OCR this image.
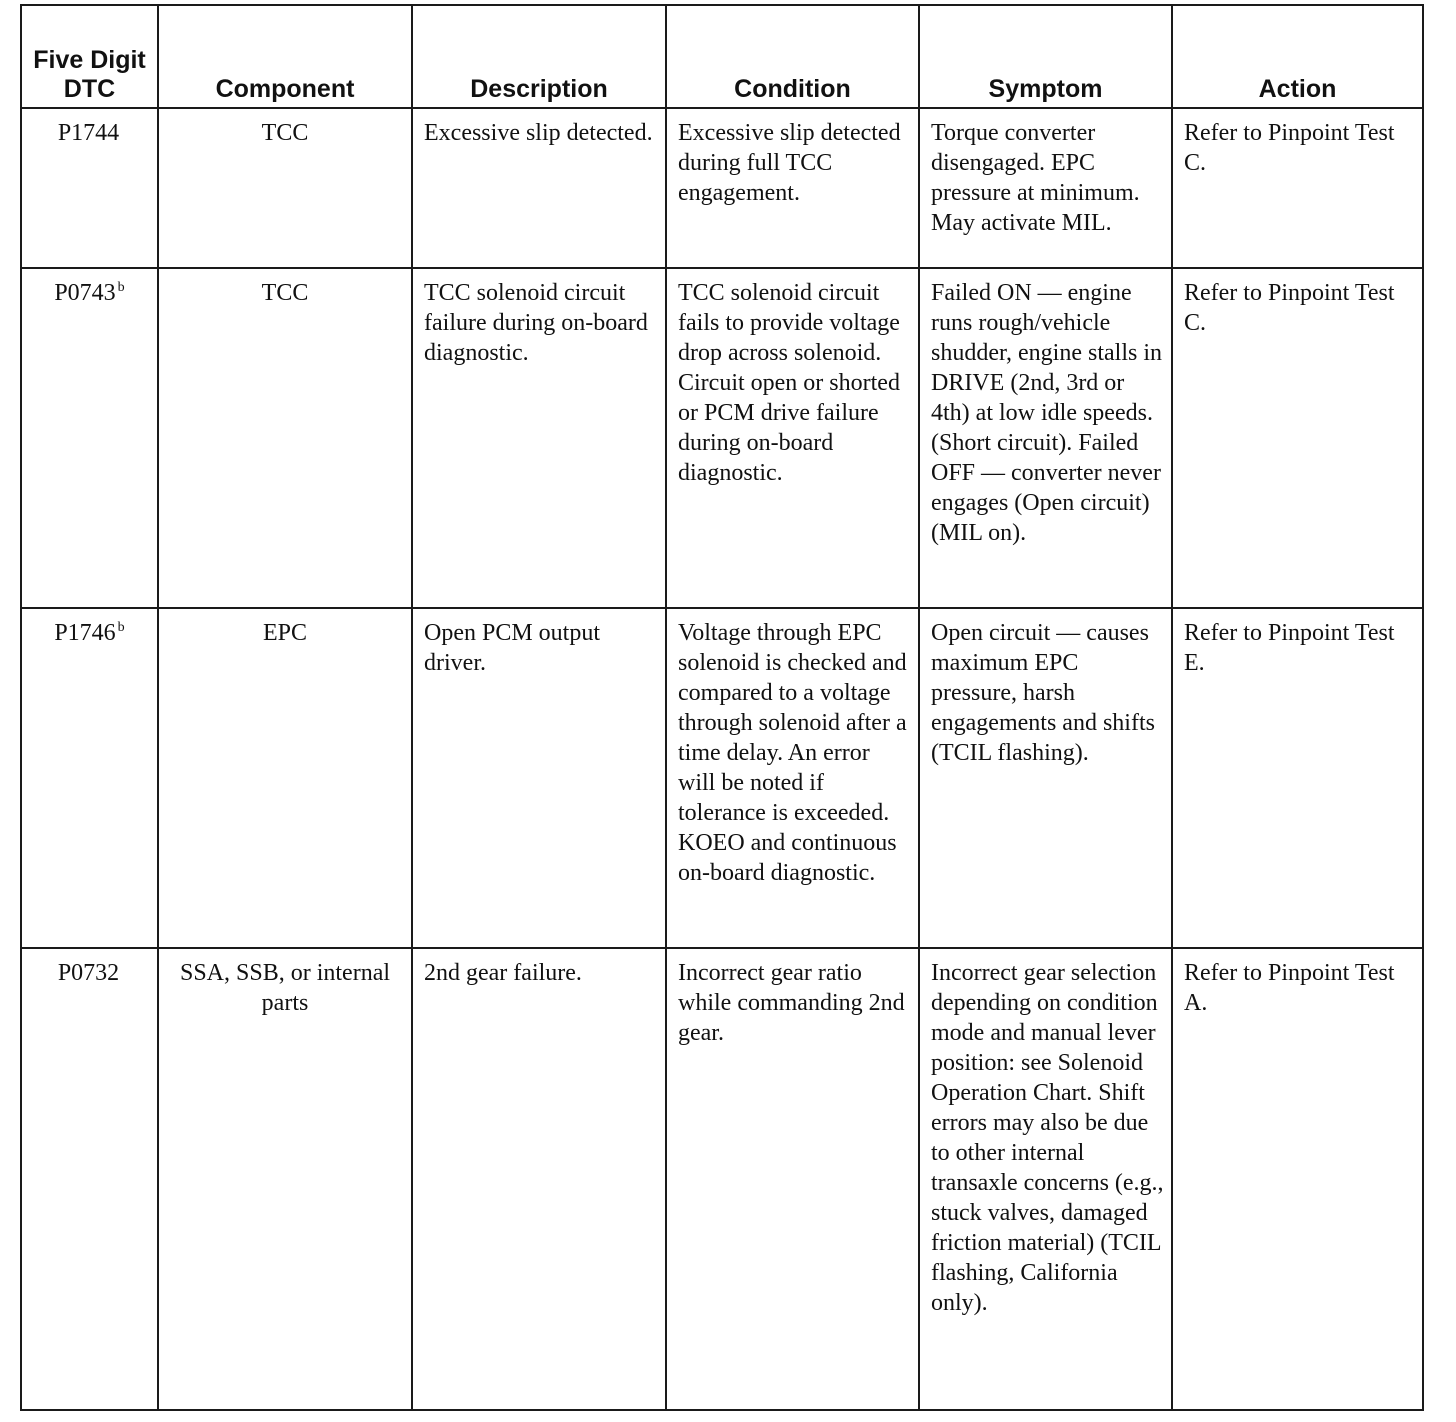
Five Digit DTC	Component	Description	Condition	Symptom	Action
P1744	TCC	Excessive slip detected.	Excessive slip detected during full TCC engagement.	Torque converter disengaged. EPC pressure at minimum. May activate MIL.	Refer to Pinpoint Test C.
P0743 $^b$	TCC	TCC solenoid circuit failure during on-board diagnostic.	TCC solenoid circuit fails to provide voltage drop across solenoid. Circuit open or shorted or PCM drive failure during on-board diagnostic.	Failed ON — engine runs rough/vehicle shudder, engine stalls in DRIVE (2nd, 3rd or 4th) at low idle speeds. (Short circuit). Failed OFF — converter never engages (Open circuit) (MIL on).	Refer to Pinpoint Test C.
P1746 $^b$	EPC	Open PCM output driver.	Voltage through EPC solenoid is checked and compared to a voltage through solenoid after a time delay. An error will be noted if tolerance is exceeded. KOEO and continuous on-board diagnostic.	Open circuit — causes maximum EPC pressure, harsh engagements and shifts (TCIL flashing).	Refer to Pinpoint Test E.
P0732	SSA, SSB, or internal parts	2nd gear failure.	Incorrect gear ratio while commanding 2nd gear.	Incorrect gear selection depending on condition mode and manual lever position: see Solenoid Operation Chart. Shift errors may also be due to other internal transaxle concerns (e.g., stuck valves, damaged friction material) (TCIL flashing, California only).	Refer to Pinpoint Test A.
